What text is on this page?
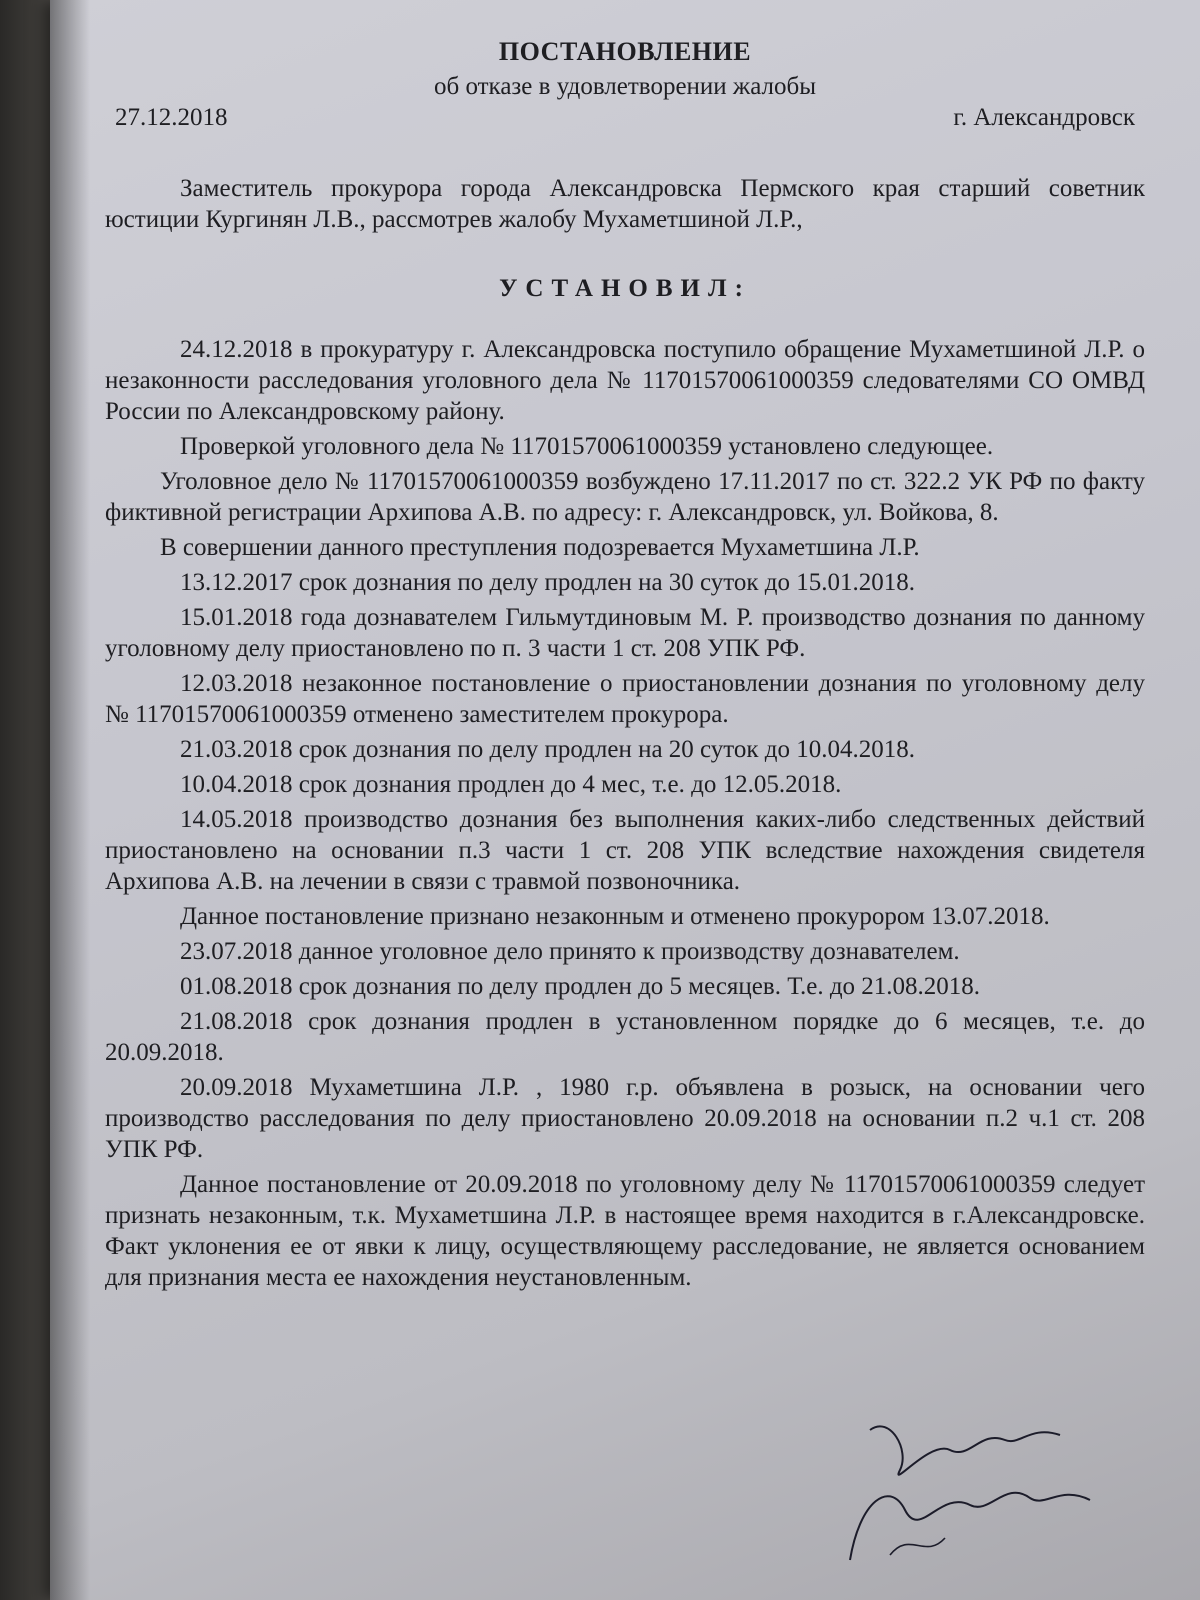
ПОСТАНОВЛЕНИЕ
об отказе в удовлетворении жалобы
27.12.2018	г. Александровск

Заместитель прокурора города Александровска Пермского края старший советник юстиции Кургинян Л.В., рассмотрев жалобу Мухаметшиной Л.Р.,

УСТАНОВИЛ:

24.12.2018 в прокуратуру г. Александровска поступило обращение Мухаметшиной Л.Р. о незаконности расследования уголовного дела № 11701570061000359 следователями СО ОМВД России по Александровскому району.

Проверкой уголовного дела № 11701570061000359 установлено следующее.

Уголовное дело № 11701570061000359 возбуждено 17.11.2017 по ст. 322.2 УК РФ по факту фиктивной регистрации Архипова А.В. по адресу: г. Александровск, ул. Войкова, 8.

В совершении данного преступления подозревается Мухаметшина Л.Р.

13.12.2017 срок дознания по делу продлен на 30 суток до 15.01.2018.

15.01.2018 года дознавателем Гильмутдиновым М. Р. производство дознания по данному уголовному делу приостановлено по п. 3 части 1 ст. 208 УПК РФ.

12.03.2018 незаконное постановление о приостановлении дознания по уголовному делу № 11701570061000359 отменено заместителем прокурора.

21.03.2018 срок дознания по делу продлен на 20 суток до 10.04.2018.

10.04.2018 срок дознания продлен до 4 мес, т.е. до 12.05.2018.

14.05.2018 производство дознания без выполнения каких-либо следственных действий приостановлено на основании п.3 части 1 ст. 208 УПК вследствие нахождения свидетеля Архипова А.В. на лечении в связи с травмой позвоночника.

Данное постановление признано незаконным и отменено прокурором 13.07.2018.

23.07.2018 данное уголовное дело принято к производству дознавателем.

01.08.2018 срок дознания по делу продлен до 5 месяцев. Т.е. до 21.08.2018.

21.08.2018 срок дознания продлен в установленном порядке до 6 месяцев, т.е. до 20.09.2018.

20.09.2018 Мухаметшина Л.Р. , 1980 г.р. объявлена в розыск, на основании чего производство расследования по делу приостановлено 20.09.2018 на основании п.2 ч.1 ст. 208 УПК РФ.

Данное постановление от 20.09.2018 по уголовному делу № 11701570061000359 следует признать незаконным, т.к. Мухаметшина Л.Р. в настоящее время находится в г.Александровске. Факт уклонения ее от явки к лицу, осуществляющему расследование, не является основанием для признания места ее нахождения неустановленным.
